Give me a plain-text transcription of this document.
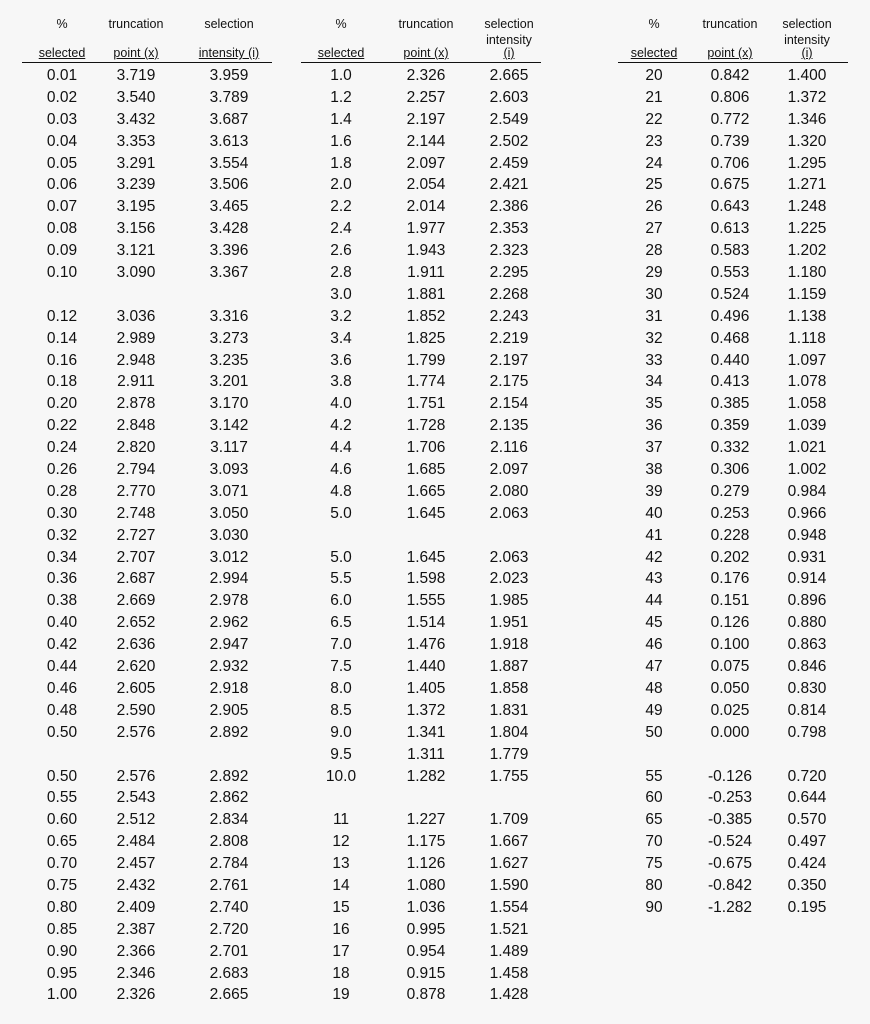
%
selected
truncation
point (x)
selection
intensity (i)
0.01	3.719	3.959
0.02	3.540	3.789
0.03	3.432	3.687
0.04	3.353	3.613
0.05	3.291	3.554
0.06	3.239	3.506
0.07	3.195	3.465
0.08	3.156	3.428
0.09	3.121	3.396
0.10	3.090	3.367
0.12	3.036	3.316
0.14	2.989	3.273
0.16	2.948	3.235
0.18	2.911	3.201
0.20	2.878	3.170
0.22	2.848	3.142
0.24	2.820	3.117
0.26	2.794	3.093
0.28	2.770	3.071
0.30	2.748	3.050
0.32	2.727	3.030
0.34	2.707	3.012
0.36	2.687	2.994
0.38	2.669	2.978
0.40	2.652	2.962
0.42	2.636	2.947
0.44	2.620	2.932
0.46	2.605	2.918
0.48	2.590	2.905
0.50	2.576	2.892
0.50	2.576	2.892
0.55	2.543	2.862
0.60	2.512	2.834
0.65	2.484	2.808
0.70	2.457	2.784
0.75	2.432	2.761
0.80	2.409	2.740
0.85	2.387	2.720
0.90	2.366	2.701
0.95	2.346	2.683
1.00	2.326	2.665
%
selected
truncation
point (x)
selection
intensity
(i)
1.0	2.326	2.665
1.2	2.257	2.603
1.4	2.197	2.549
1.6	2.144	2.502
1.8	2.097	2.459
2.0	2.054	2.421
2.2	2.014	2.386
2.4	1.977	2.353
2.6	1.943	2.323
2.8	1.911	2.295
3.0	1.881	2.268
3.2	1.852	2.243
3.4	1.825	2.219
3.6	1.799	2.197
3.8	1.774	2.175
4.0	1.751	2.154
4.2	1.728	2.135
4.4	1.706	2.116
4.6	1.685	2.097
4.8	1.665	2.080
5.0	1.645	2.063
5.0	1.645	2.063
5.5	1.598	2.023
6.0	1.555	1.985
6.5	1.514	1.951
7.0	1.476	1.918
7.5	1.440	1.887
8.0	1.405	1.858
8.5	1.372	1.831
9.0	1.341	1.804
9.5	1.311	1.779
10.0	1.282	1.755
11	1.227	1.709
12	1.175	1.667
13	1.126	1.627
14	1.080	1.590
15	1.036	1.554
16	0.995	1.521
17	0.954	1.489
18	0.915	1.458
19	0.878	1.428
%
selected
truncation
point (x)
selection
intensity
(i)
20	0.842	1.400
21	0.806	1.372
22	0.772	1.346
23	0.739	1.320
24	0.706	1.295
25	0.675	1.271
26	0.643	1.248
27	0.613	1.225
28	0.583	1.202
29	0.553	1.180
30	0.524	1.159
31	0.496	1.138
32	0.468	1.118
33	0.440	1.097
34	0.413	1.078
35	0.385	1.058
36	0.359	1.039
37	0.332	1.021
38	0.306	1.002
39	0.279	0.984
40	0.253	0.966
41	0.228	0.948
42	0.202	0.931
43	0.176	0.914
44	0.151	0.896
45	0.126	0.880
46	0.100	0.863
47	0.075	0.846
48	0.050	0.830
49	0.025	0.814
50	0.000	0.798
55	-0.126	0.720
60	-0.253	0.644
65	-0.385	0.570
70	-0.524	0.497
75	-0.675	0.424
80	-0.842	0.350
90	-1.282	0.195
